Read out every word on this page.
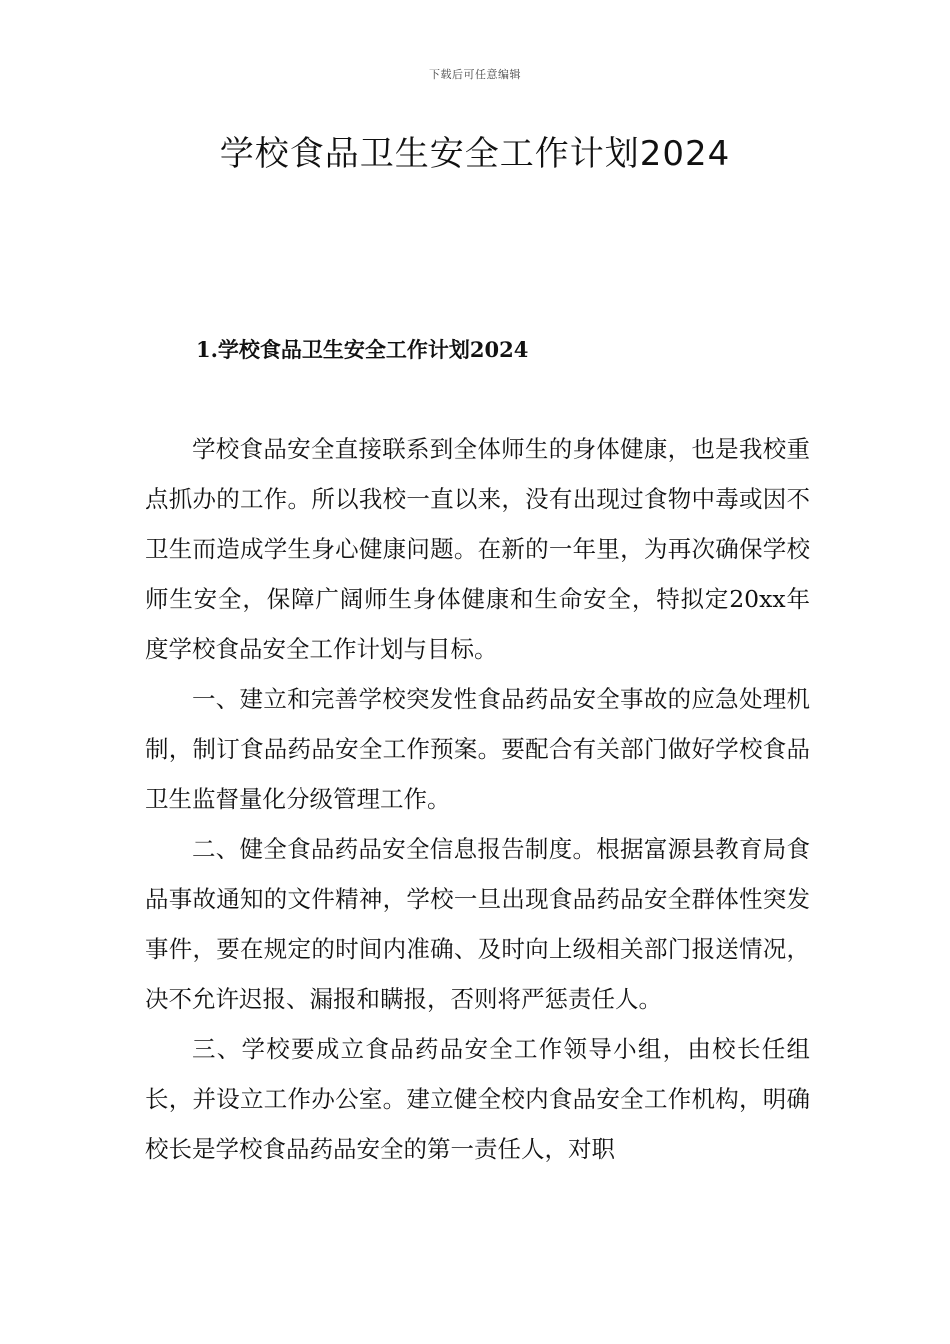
下载后可任意编辑
学校食品卫生安全工作计划2024
1.学校食品卫生安全工作计划2024

学校食品安全直接联系到全体师生的身体健康，也是我校重点抓办的工作。所以我校一直以来，没有出现过食物中毒或因不卫生而造成学生身心健康问题。在新的一年里，为再次确保学校师生安全，保障广阔师生身体健康和生命安全，特拟定20xx年度学校食品安全工作计划与目标。

一、建立和完善学校突发性食品药品安全事故的应急处理机制，制订食品药品安全工作预案。要配合有关部门做好学校食品卫生监督量化分级管理工作。

二、健全食品药品安全信息报告制度。根据富源县教育局食品事故通知的文件精神，学校一旦出现食品药品安全群体性突发事件，要在规定的时间内准确、及时向上级相关部门报送情况，决不允许迟报、漏报和瞒报，否则将严惩责任人。

三、学校要成立食品药品安全工作领导小组，由校长任组长，并设立工作办公室。建立健全校内食品安全工作机构，明确校长是学校食品药品安全的第一责任人，对职
